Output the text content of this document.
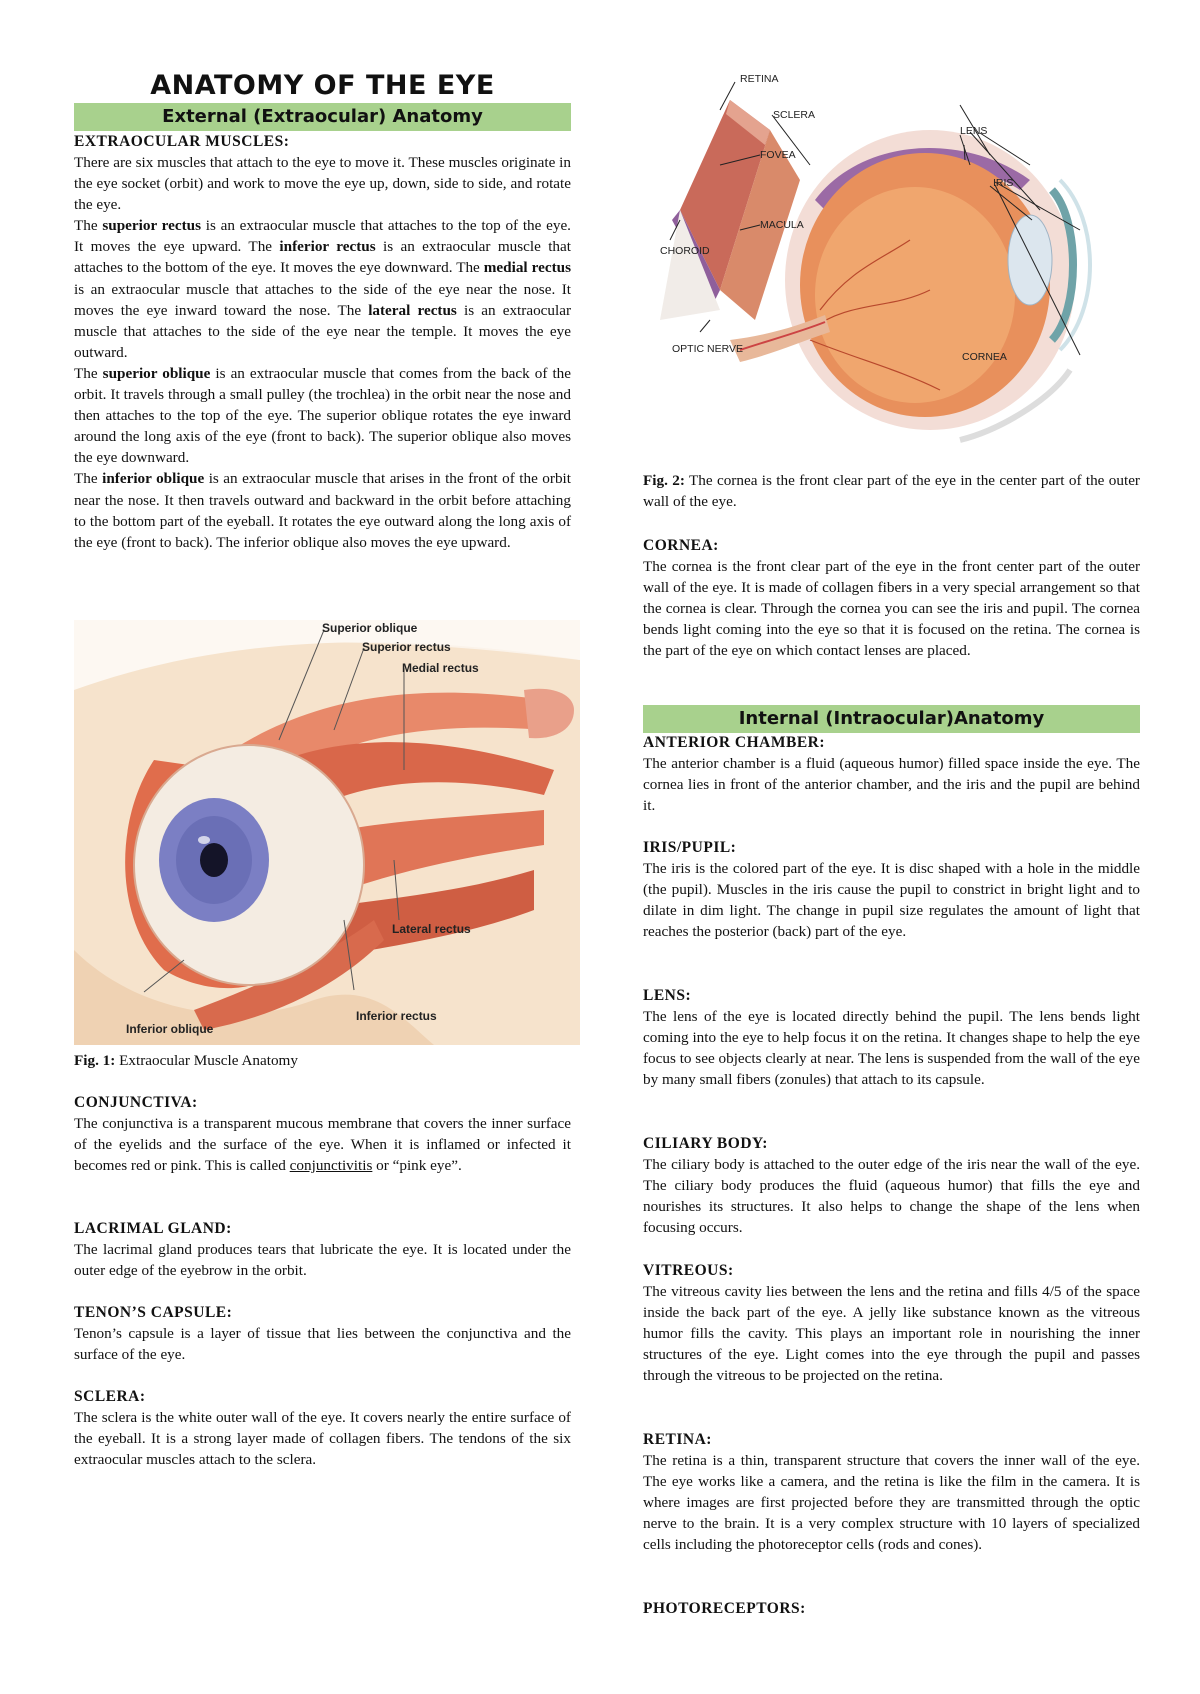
ANATOMY OF THE EYE
External (Extraocular) Anatomy
Internal (Intraocular)Anatomy
EXTRAOCULAR MUSCLES:

There are six muscles that attach to the eye to move it. These muscles originate in the eye socket (orbit) and work to move the eye up, down, side to side, and rotate the eye.

The superior rectus is an extraocular muscle that attaches to the top of the eye. It moves the eye upward. The inferior rectus is an extraocular muscle that attaches to the bottom of the eye. It moves the eye downward. The medial rectus is an extraocular muscle that attaches to the side of the eye near the nose. It moves the eye inward toward the nose. The lateral rectus is an extraocular muscle that attaches to the side of the eye near the temple. It moves the eye outward.

The superior oblique is an extraocular muscle that comes from the back of the orbit. It travels through a small pulley (the trochlea) in the orbit near the nose and then attaches to the top of the eye. The superior oblique rotates the eye inward around the long axis of the eye (front to back). The superior oblique also moves the eye downward.

The inferior oblique is an extraocular muscle that arises in the front of the orbit near the nose. It then travels outward and backward in the orbit before attaching to the bottom part of the eyeball. It rotates the eye outward along the long axis of the eye (front to back). The inferior oblique also moves the eye upward.

Superior oblique
Superior rectus
Medial rectus
Lateral rectus
Inferior oblique
Inferior rectus

Fig. 1: Extraocular Muscle Anatomy

CONJUNCTIVA:

The conjunctiva is a transparent mucous membrane that covers the inner surface of the eyelids and the surface of the eye. When it is inflamed or infected it becomes red or pink. This is called conjunctivitis or “pink eye”.

LACRIMAL GLAND:

The lacrimal gland produces tears that lubricate the eye. It is located under the outer edge of the eyebrow in the orbit.

TENON’S CAPSULE:

Tenon’s capsule is a layer of tissue that lies between the conjunctiva and the surface of the eye.

SCLERA:

The sclera is the white outer wall of the eye. It covers nearly the entire surface of the eyeball. It is a strong layer made of collagen fibers. The tendons of the six extraocular muscles attach to the sclera.

RETINA
SCLERA
LENS
IRIS
FOVEA
MACULA
CHOROID
OPTIC NERVE
CORNEA

Fig. 2: The cornea is the front clear part of the eye in the center part of the outer wall of the eye.

CORNEA:

The cornea is the front clear part of the eye in the front center part of the outer wall of the eye. It is made of collagen fibers in a very special arrangement so that the cornea is clear. Through the cornea you can see the iris and pupil. The cornea bends light coming into the eye so that it is focused on the retina. The cornea is the part of the eye on which contact lenses are placed.

ANTERIOR CHAMBER:

The anterior chamber is a fluid (aqueous humor) filled space inside the eye. The cornea lies in front of the anterior chamber, and the iris and the pupil are behind it.

IRIS/PUPIL:

The iris is the colored part of the eye. It is disc shaped with a hole in the middle (the pupil). Muscles in the iris cause the pupil to constrict in bright light and to dilate in dim light. The change in pupil size regulates the amount of light that reaches the posterior (back) part of the eye.

LENS:

The lens of the eye is located directly behind the pupil. The lens bends light coming into the eye to help focus it on the retina. It changes shape to help the eye focus to see objects clearly at near. The lens is suspended from the wall of the eye by many small fibers (zonules) that attach to its capsule.

CILIARY BODY:

The ciliary body is attached to the outer edge of the iris near the wall of the eye. The ciliary body produces the fluid (aqueous humor) that fills the eye and nourishes its structures. It also helps to change the shape of the lens when focusing occurs.

VITREOUS:

The vitreous cavity lies between the lens and the retina and fills 4/5 of the space inside the back part of the eye. A jelly like substance known as the vitreous humor fills the cavity. This plays an important role in nourishing the inner structures of the eye. Light comes into the eye through the pupil and passes through the vitreous to be projected on the retina.

RETINA:

The retina is a thin, transparent structure that covers the inner wall of the eye. The eye works like a camera, and the retina is like the film in the camera. It is where images are first projected before they are transmitted through the optic nerve to the brain. It is a very complex structure with 10 layers of specialized cells including the photoreceptor cells (rods and cones).

PHOTORECEPTORS:
